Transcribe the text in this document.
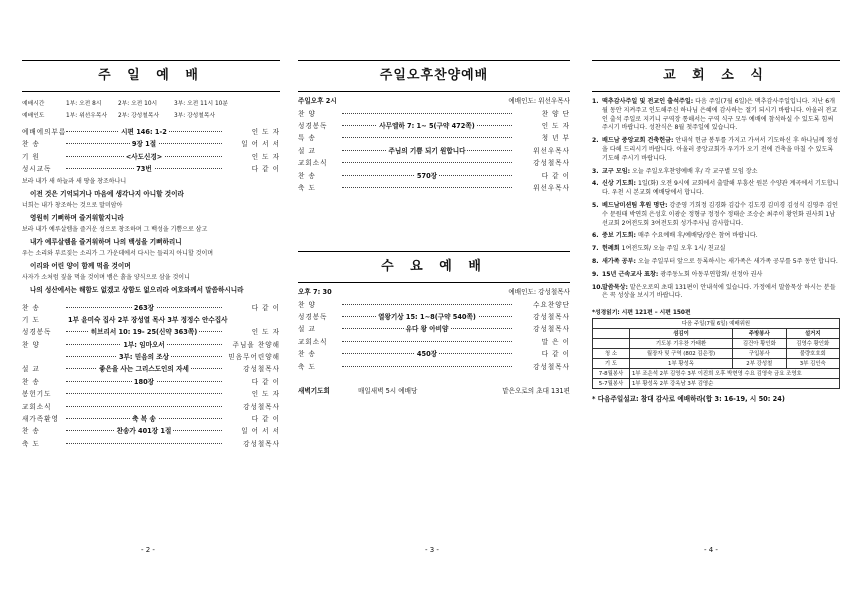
주 일 예 배
예배시간	1부: 오전 8시	2부: 오전 10시	3부: 오전 11시 10분
예배인도	1부: 위선우목사	2부: 강성철목사	3부: 강성철목사
예배에의부름	시편 146: 1-2	인 도 자
찬 송	9장 1절	일 어 서 서
기 원	<사도신경>	인 도 자
성시교독	73번	다 같 이
보라 내가 새 하늘과 새 땅을 창조하나니
이전 것은 기억되거나 마음에 생각나지 아니할 것이라
너희는 내가 창조하는 것으로 말미암아
영원히 기뻐하며 즐거워할지니라
보라 내가 예루살렘을 즐거운 성으로 창조하며 그 백성을 기쁨으로 삼고
내가 예루살렘을 즐거워하며 나의 백성을 기뻐하리니
우는 소리와 부르짖는 소리가 그 가운데에서 다시는 들리지 아니할 것이며
이리와 어린 양이 함께 먹을 것이며
사자가 소처럼 짚을 먹을 것이며 뱀은 흙을 양식으로 삼을 것이니
나의 성산에서는 해함도 없겠고 상함도 없으리라 여호와께서 말씀하시니라
찬 송	263장	다 같 이
기 도	1부 윤미숙 집사 2부 장성열 목사 3부 정정수 안수집사
성경봉독	히브리서 10: 19- 25(신약 363쪽)	인 도 자
찬 양	1부: 임마오서	주님을 찬양해
3부: 믿음의 조상	믿음무어린양해
설 교	좋은을 사는 그리스도인의 자세	강성철목사
찬 송	180장	다 같 이
봉헌기도	인 도 자
교회소식	강성철목사
새가족환영	축 복 송	다 같 이
찬 송	찬송가 401장 1절	일 어 서 서
축 도	강성철목사
- 2 -
주일오후찬양예배
주일오후 2시	예배인도: 위선우목사
찬 양	찬 양 단
성경봉독	사무엘하 7: 1~ 5(구약 472쪽)	인 도 자
특 송	청 년 부
설 교	주님의 기쁨 되기 원합니다	위선우목사
교회소식	강성철목사
찬 송	570장	다 같 이
축 도	위선우목사
수 요 예 배
오후 7: 30	예배인도: 강성철목사
찬 양	수요찬양단
성경봉독	열왕기상 15: 1~8(구약 540쪽)	강성철목사
설 교	유다 왕 아비얌	강성철목사
교회소식	말 은 이
찬 송	450장	다 같 이
축 도	강성철목사
새벽기도회	매일새벽 5시 예배당	맡은오로의 초대 131편
- 3 -
교 회 소 식
1. 맥추감사주일 및 전교인 출석주일: 다음 주일(7월 6일)은 맥추감사주일입니다. 지난 6개월 동안 지켜주고 인도해주신 하나님 은혜에 감사하는 절기 되시기 바랍니다. 아울러 전교인 출석 주일로 지키니 구역장 통해서는 구역 식구 모두 예배에 참석하실 수 있도록 힘써 주시기 바랍니다. 성찬식은 8월 첫주일에 있습니다.
2. 배드남 중앙교회 건축헌금: 안내석 헌금 봉투를 가지고 가셔서 기도하신 후 하나님께 정성을 다해 드리시기 바랍니다. 아울러 중앙교회가 우기가 오기 전에 건축을 마칠 수 있도록 기도해 주시기 바랍니다.
3. 교구 모임: 오늘 주일오후찬양예배 후/ 각 교구별 모임 장소
4. 신상 기도회: 1일(화) 오전 9시에 교회에서 출발해 부흥산 원본 수양관 계곡에서 기도합니다. 우천 시 본교회 예배당에서 합니다.
5. 베드남미션팀 후원 명단: 강준영 기희정 김경화 김갑수 김도경 김미경 김성식 김영주 김인수 문원태 박연희 은성호 이광순 정형규 정정수 정태순 조승순 최주이 황인화 권사회 1남선교회 2여전도회 3여전도회 성가주사님 감사합니다.
6. 중보 기도회: 매주 수요예배 후/예배당/장은 참여 바랍니다.
7. 헌례회 1여전도회/ 오늘 주일 오후 1시/ 친교실
8. 새가족 공부: 오늘 주일부터 앞으로 등록하시는 새가족은 새가족 공부를 5주 동안 합니다.
9. 15년 근속교사 표창: 광주동노회 아동부연합회/ 선정아 권사
10. 말씀묵상: 맡은오로의 초대 131편이 안내석에 있습니다. 가정에서 말씀묵상 하시는 분들은 꼭 성상을 보시기 바랍니다.
*성경읽기: 시편 121편 – 시편 150편
다음 주일(7월 6일) 예배위원			
	섬김이	주방봉사	설거지
	기도봉 기우찬 가태환	김건아 황인화	김영수 황인화
청 소	월장자 및 구역 (802 김은정)	구입봉사	불량호호회
기 도	1부 황성옥	2부 강성철	3부 김인숙
7-8월봉사	1부 조은석 2부 김영수 3부 이진희 오후 박현영 수요 김영숙 금요 조영호		
5-7월봉사	1부 황성옥 2부 강옥남 3부 김영순		
* 다음주일설교: 참대 감사로 예배하라(합 3: 16-19, 시 50: 24)
- 4 -
